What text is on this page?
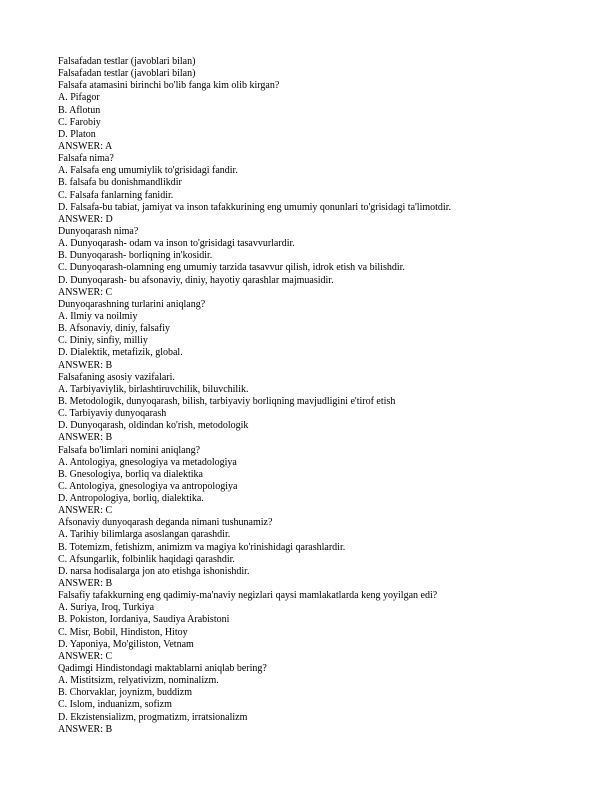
Falsafadan testlar (javoblari bilan)
Falsafadan testlar (javoblari bilan)
Falsafa atamasini birinchi bo'lib fanga kim olib kirgan?
A. Pifagor
B. Aflotun
C. Farobiy
D. Platon
ANSWER: A
Falsafa nima?
A. Falsafa eng umumiylik to'grisidagi fandir.
B. falsafa bu donishmandlikdir
C. Falsafa fanlarning fanidir.
D. Falsafa-bu tabiat, jamiyat va inson tafakkurining eng umumiy qonunlari to'grisidagi ta'limotdir.
ANSWER: D
Dunyoqarash nima?
A. Dunyoqarash- odam va inson to'grisidagi tasavvurlardir.
B. Dunyoqarash- borliqning in'kosidir.
C. Dunyoqarash-olamning eng umumiy tarzida tasavvur qilish, idrok etish va bilishdir.
D. Dunyoqarash- bu afsonaviy, diniy, hayotiy qarashlar majmuasidir.
ANSWER: C
Dunyoqarashning turlarini aniqlang?
A. Ilmiy va noilmiy
B. Afsonaviy, diniy, falsafiy
C. Diniy, sinfiy, milliy
D. Dialektik, metafizik, global.
ANSWER: B
Falsafaning asosiy vazifalari.
A. Tarbiyaviylik, birlashtiruvchilik, biluvchilik.
B. Metodologik, dunyoqarash, bilish, tarbiyaviy borliqning mavjudligini e'tirof etish
C. Tarbiyaviy dunyoqarash
D. Dunyoqarash, oldindan ko'rish, metodologik
ANSWER: B
Falsafa bo'limlari nomini aniqlang?
A. Antologiya, gnesologiya va metadologiya
B. Gnesologiya, borliq va dialektika
C. Antologiya, gnesologiya va antropologiya
D. Antropologiya, borliq, dialektika.
ANSWER: C
Afsonaviy dunyoqarash deganda nimani tushunamiz?
A. Tarihiy bilimlarga asoslangan qarashdir.
B. Totemizm, fetishizm, animizm va magiya ko'rinishidagi qarashlardir.
C. Afsungarlik, folbinlik haqidagi qarashdir.
D. narsa hodisalarga jon ato etishga ishonishdir.
ANSWER: B
Falsafiy tafakkurning eng qadimiy-ma'naviy negizlari qaysi mamlakatlarda keng yoyilgan edi?
A. Suriya, Iroq, Turkiya
B. Pokiston, Iordaniya, Saudiya Arabistoni
C. Misr, Bobil, Hindiston, Hitoy
D. Yaponiya, Mo'giliston, Vetnam
ANSWER: C
Qadimgi Hindistondagi maktablarni aniqlab bering?
A. Mistitsizm, relyativizm, nominalizm.
B. Chorvaklar, joynizm, buddizm
C. Islom, induanizm, sofizm
D. Ekzistensializm, progmatizm, irratsionalizm
ANSWER: B
